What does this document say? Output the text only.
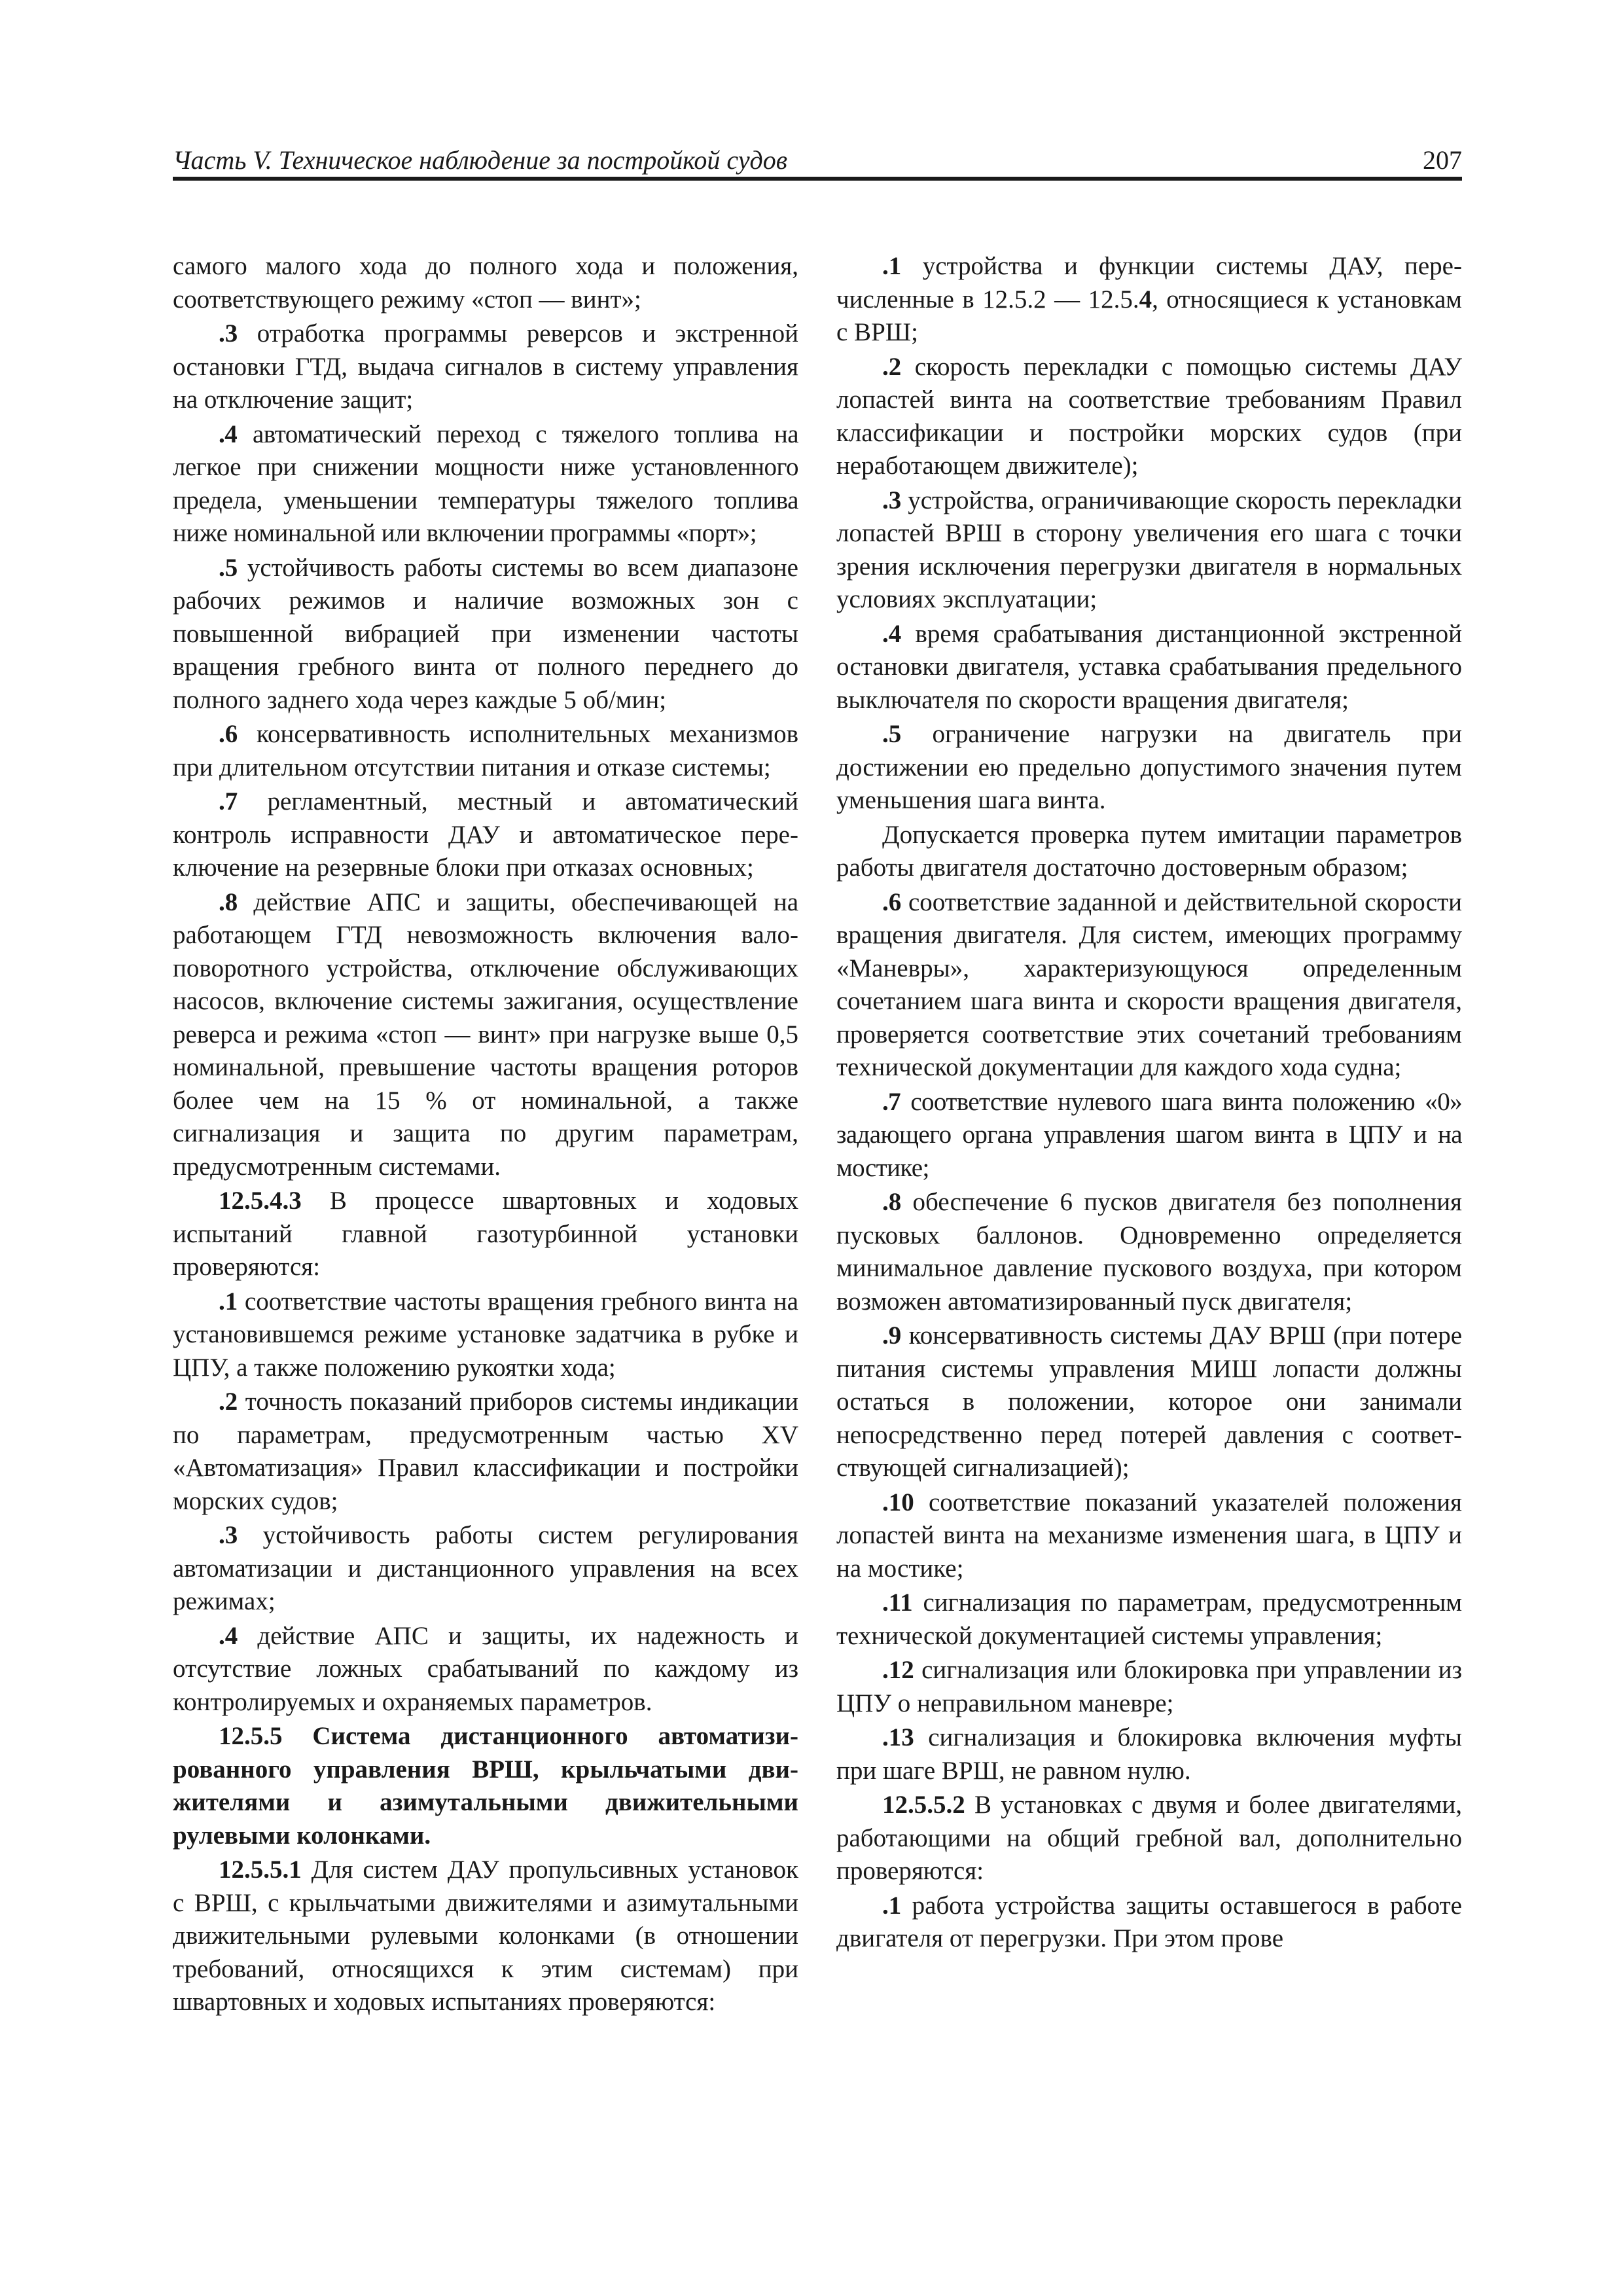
Часть V. Техническое наблюдение за постройкой судов	207

самого малого хода до полного хода и положения, соответствующего режиму «стоп — винт»;

.3 отработка программы реверсов и экстренной остановки ГТД, выдача сигналов в систему управления на отключение защит;

.4 автоматический переход с тяжелого топлива на легкое при снижении мощности ниже установленного предела, уменьшении температуры тяжелого топлива ниже номинальной или включении программы «порт»;

.5 устойчивость работы системы во всем диапазоне рабочих режимов и наличие возможных зон с повышенной вибрацией при изменении частоты вращения гребного винта от полного переднего до полного заднего хода через каждые 5 об/мин;

.6 консервативность исполнительных механизмов при длительном отсутствии питания и отказе системы;

.7 регламентный, местный и автоматический контроль исправности ДАУ и автоматическое переключение на резервные блоки при отказах основных;

.8 действие АПС и защиты, обеспечивающей на работающем ГТД невозможность включения валоповоротного устройства, отключение обслуживающих насосов, включение системы зажигания, осуществление реверса и режима «стоп — винт» при нагрузке выше 0,5 номинальной, превышение частоты вращения роторов более чем на 15 % от номинальной, а также сигнализация и защита по другим параметрам, предусмотренным системами.

12.5.4.3 В процессе швартовных и ходовых испытаний главной газотурбинной установки проверяются:

.1 соответствие частоты вращения гребного винта на установившемся режиме установке задатчика в рубке и ЦПУ, а также положению рукоятки хода;

.2 точность показаний приборов системы индикации по параметрам, предусмотренным частью XV «Автоматизация» Правил классификации и постройки морских судов;

.3 устойчивость работы систем регулирования автоматизации и дистанционного управления на всех режимах;

.4 действие АПС и защиты, их надежность и отсутствие ложных срабатываний по каждому из контролируемых и охраняемых параметров.

12.5.5 Система дистанционного автоматизированного управления ВРШ, крыльчатыми движителями и азимутальными движительными рулевыми колонками.

12.5.5.1 Для систем ДАУ пропульсивных установок с ВРШ, с крыльчатыми движителями и азимутальными движительными рулевыми колонками (в отношении требований, относящихся к этим системам) при швартовных и ходовых испытаниях проверяются:

.1 устройства и функции системы ДАУ, перечисленные в 12.5.2 — 12.5.4, относящиеся к установкам с ВРШ;

.2 скорость перекладки с помощью системы ДАУ лопастей винта на соответствие требованиям Правил классификации и постройки морских судов (при неработающем движителе);

.3 устройства, ограничивающие скорость перекладки лопастей ВРШ в сторону увеличения его шага с точки зрения исключения перегрузки двигателя в нормальных условиях эксплуатации;

.4 время срабатывания дистанционной экстренной остановки двигателя, уставка срабатывания предельного выключателя по скорости вращения двигателя;

.5 ограничение нагрузки на двигатель при достижении ею предельно допустимого значения путем уменьшения шага винта.

Допускается проверка путем имитации параметров работы двигателя достаточно достоверным образом;

.6 соответствие заданной и действительной скорости вращения двигателя. Для систем, имеющих программу «Маневры», характеризующуюся определенным сочетанием шага винта и скорости вращения двигателя, проверяется соответствие этих сочетаний требованиям технической документации для каждого хода судна;

.7 соответствие нулевого шага винта положению «0» задающего органа управления шагом винта в ЦПУ и на мостике;

.8 обеспечение 6 пусков двигателя без пополнения пусковых баллонов. Одновременно определяется минимальное давление пускового воздуха, при котором возможен автоматизированный пуск двигателя;

.9 консервативность системы ДАУ ВРШ (при потере питания системы управления МИШ лопасти должны остаться в положении, которое они занимали непосредственно перед потерей давления с соответствующей сигнализацией);

.10 соответствие показаний указателей положения лопастей винта на механизме изменения шага, в ЦПУ и на мостике;

.11 сигнализация по параметрам, предусмотренным технической документацией системы управления;

.12 сигнализация или блокировка при управлении из ЦПУ о неправильном маневре;

.13 сигнализация и блокировка включения муфты при шаге ВРШ, не равном нулю.

12.5.5.2 В установках с двумя и более двигателями, работающими на общий гребной вал, дополнительно проверяются:

.1 работа устройства защиты оставшегося в работе двигателя от перегрузки. При этом прове
